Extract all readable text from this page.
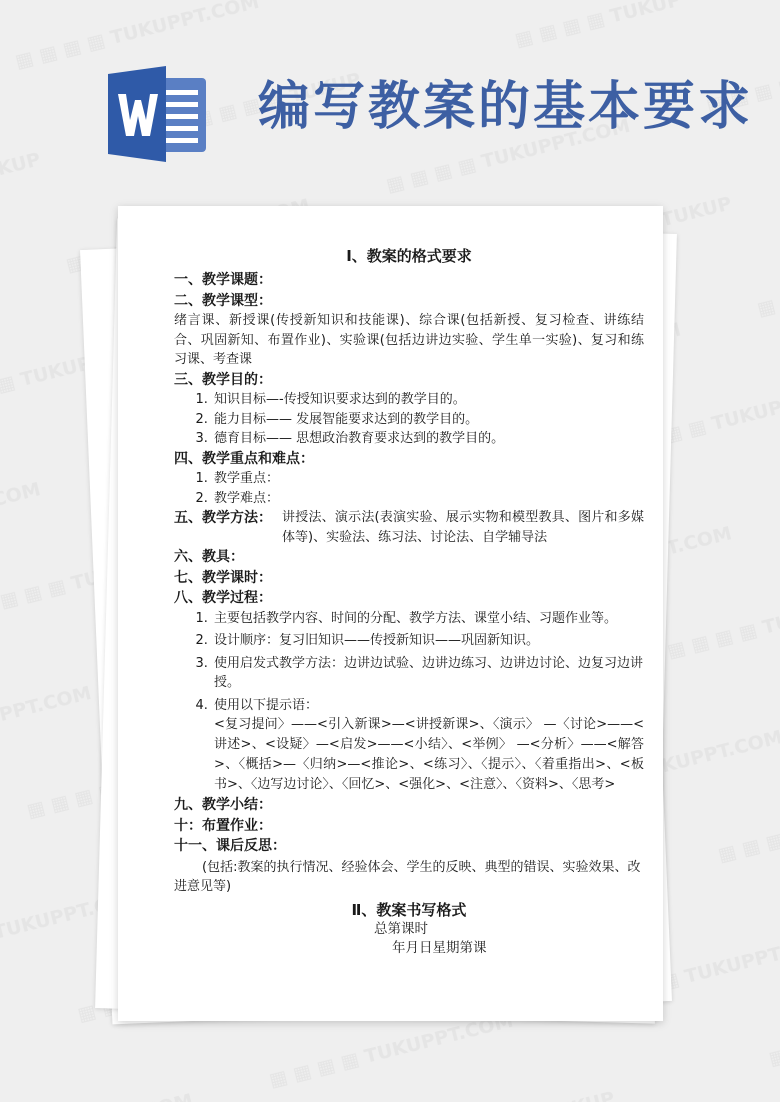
编写教案的基本要求
Ⅰ、教案的格式要求

一、教学课题：

二、教学课型：

绪言课、新授课(传授新知识和技能课)、综合课(包括新授、复习检查、讲练结合、巩固新知、布置作业)、实验课(包括边讲边实验、学生单一实验)、复习和练习课、考查课

三、教学目的：

1. 知识目标—-传授知识要求达到的教学目的。
2. 能力目标—— 发展智能要求达到的教学目的。
3. 德育目标—— 思想政治教育要求达到的教学目的。

四、教学重点和难点：

1. 教学重点：
2. 教学难点：

五、教学方法： 讲授法、演示法(表演实验、展示实物和模型教具、图片和多媒体等)、实验法、练习法、讨论法、自学辅导法

六、教具：

七、教学课时：

八、教学过程：

1. 主要包括教学内容、时间的分配、教学方法、课堂小结、习题作业等。
2. 设计顺序：复习旧知识——传授新知识——巩固新知识。
3. 使用启发式教学方法：边讲边试验、边讲边练习、边讲边讨论、边复习边讲授。
4. 使用以下提示语：

<复习提问〉——<引入新课>—<讲授新课>、〈演示〉 —〈讨论>——<讲述>、<设疑〉—<启发>——<小结〉、<举例〉 —<分析〉——<解答>、〈概括>—〈归纳>—<推论>、<练习〉、〈提示〉、〈着重指出>、<板书>、〈边写边讨论〉、〈回忆>、<强化>、<注意〉、〈资料>、〈思考>

九、教学小结：

十：布置作业：

十一、课后反思：

(包括:教案的执行情况、经验体会、学生的反映、典型的错误、实验效果、改进意见等)

Ⅱ、教案书写格式

总第课时

年月日星期第课
